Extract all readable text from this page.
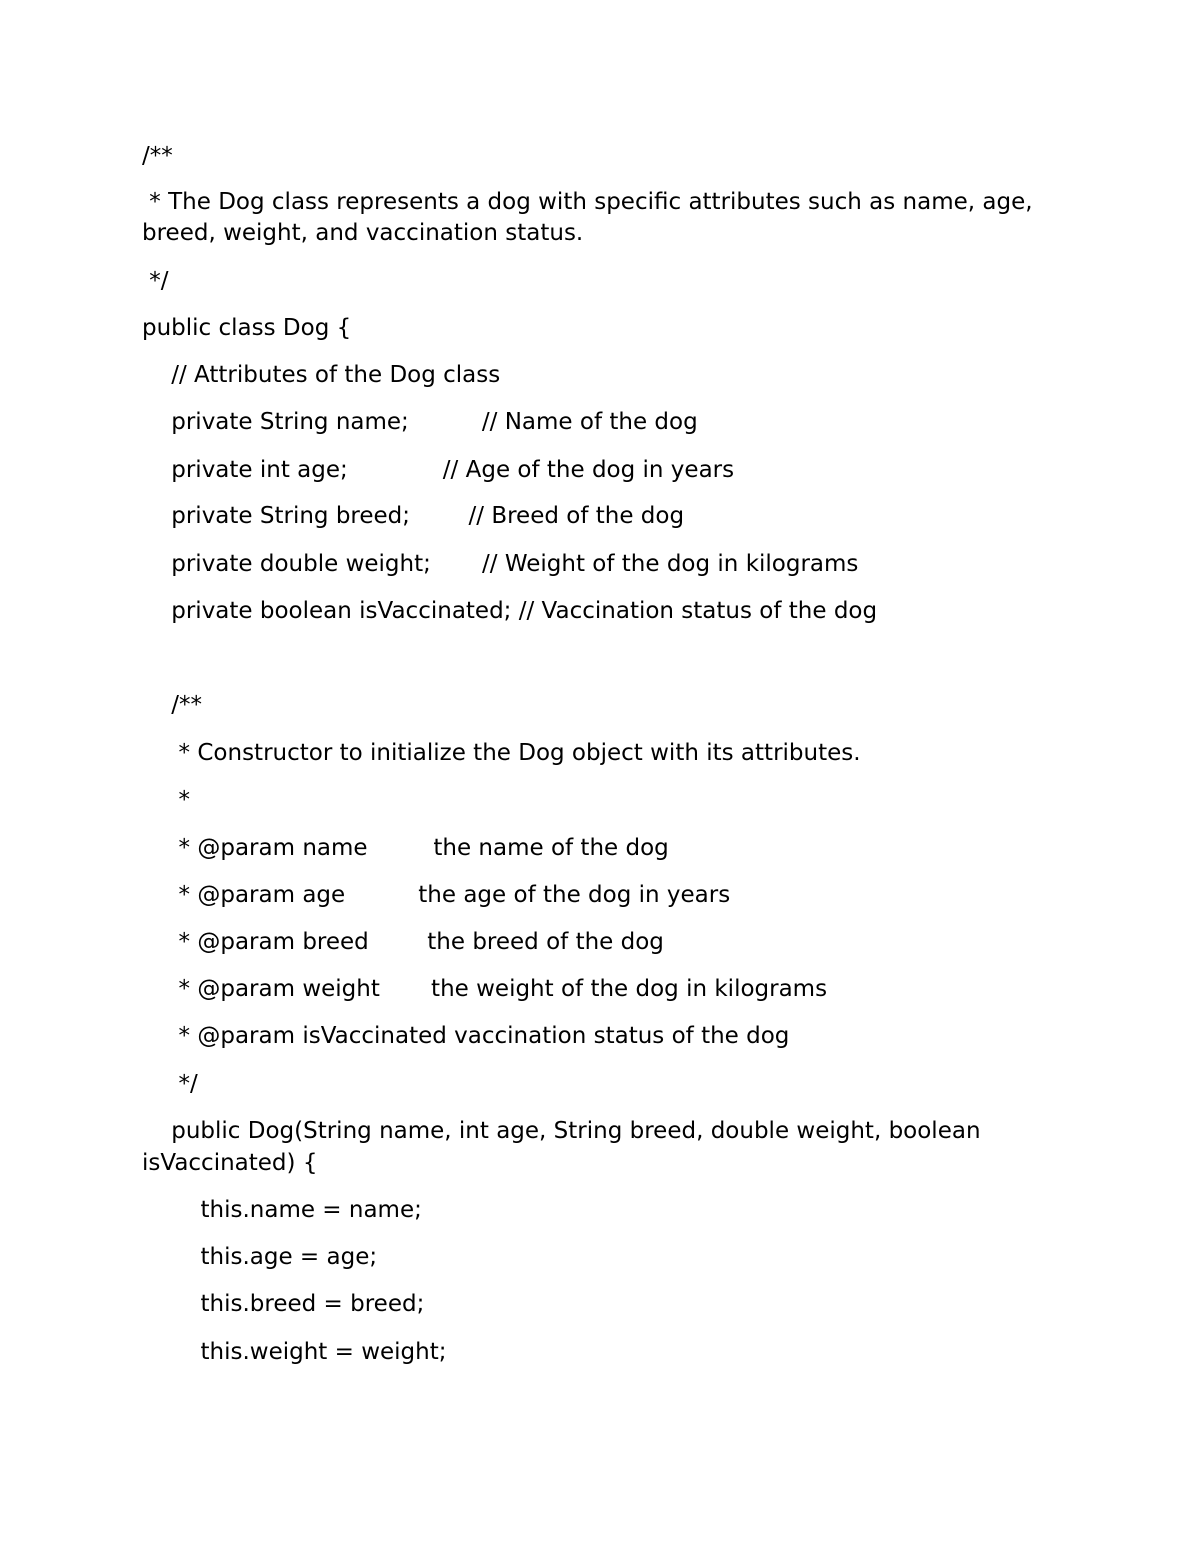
/**

* The Dog class represents a dog with specific attributes such as name, age,

breed, weight, and vaccination status.

*/

public class Dog {

// Attributes of the Dog class

private String name;          // Name of the dog

private int age;             // Age of the dog in years

private String breed;        // Breed of the dog

private double weight;       // Weight of the dog in kilograms

private boolean isVaccinated; // Vaccination status of the dog

/**

* Constructor to initialize the Dog object with its attributes.

*

* @param name         the name of the dog

* @param age          the age of the dog in years

* @param breed        the breed of the dog

* @param weight       the weight of the dog in kilograms

* @param isVaccinated vaccination status of the dog

*/

public Dog(String name, int age, String breed, double weight, boolean

isVaccinated) {

this.name = name;

this.age = age;

this.breed = breed;

this.weight = weight;
